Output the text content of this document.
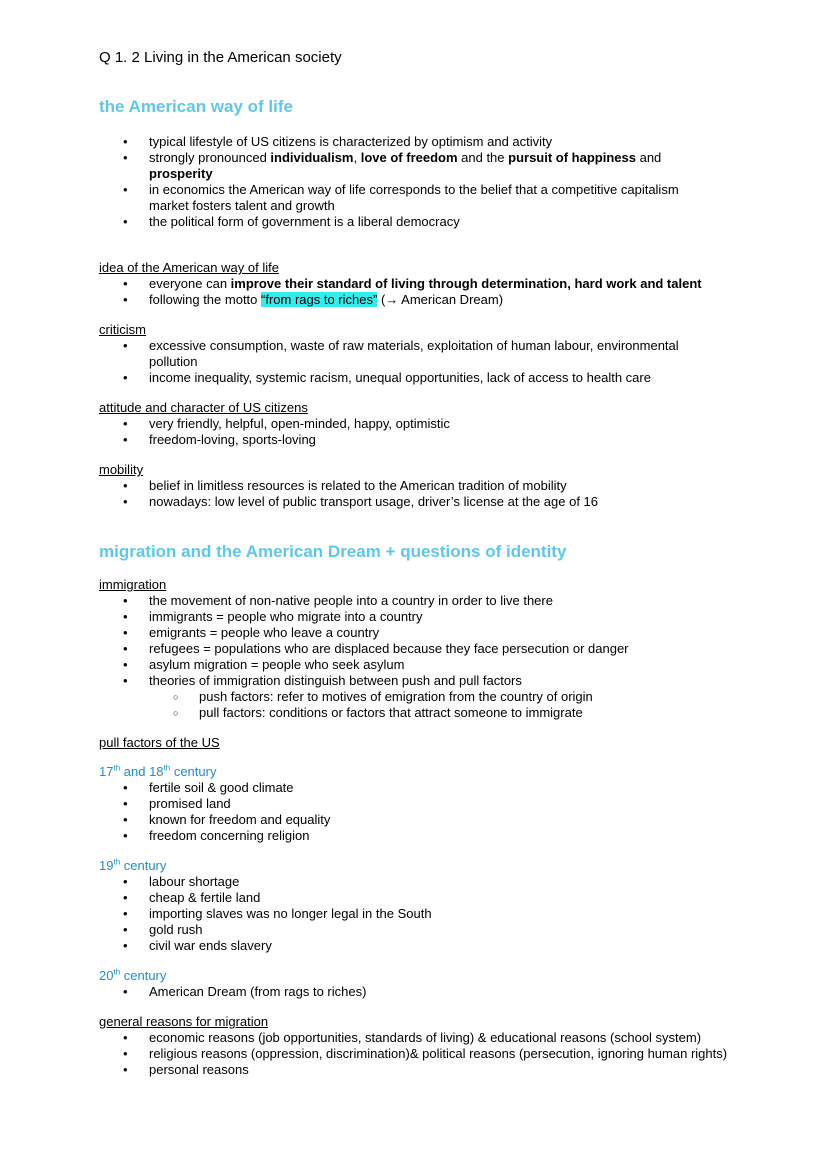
Q 1. 2 Living in the American society
the American way of life
• typical lifestyle of US citizens is characterized by optimism and activity
• strongly pronounced individualism, love of freedom and the pursuit of happiness and
prosperity
• in economics the American way of life corresponds to the belief that a competitive capitalism
market fosters talent and growth
• the political form of government is a liberal democracy
idea of the American way of life
• everyone can improve their standard of living through determination, hard work and talent
• following the motto “from rags to riches” (→ American Dream)
criticism
• excessive consumption, waste of raw materials, exploitation of human labour, environmental
pollution
• income inequality, systemic racism, unequal opportunities, lack of access to health care
attitude and character of US citizens
• very friendly, helpful, open-minded, happy, optimistic
• freedom-loving, sports-loving
mobility
• belief in limitless resources is related to the American tradition of mobility
• nowadays: low level of public transport usage, driver’s license at the age of 16
migration and the American Dream + questions of identity
immigration
• the movement of non-native people into a country in order to live there
• immigrants = people who migrate into a country
• emigrants = people who leave a country
• refugees = populations who are displaced because they face persecution or danger
• asylum migration = people who seek asylum
• theories of immigration distinguish between push and pull factors
○ push factors: refer to motives of emigration from the country of origin
○ pull factors: conditions or factors that attract someone to immigrate
pull factors of the US
17th and 18th century
• fertile soil & good climate
• promised land
• known for freedom and equality
• freedom concerning religion
19th century
• labour shortage
• cheap & fertile land
• importing slaves was no longer legal in the South
• gold rush
• civil war ends slavery
20th century
• American Dream (from rags to riches)
general reasons for migration
• economic reasons (job opportunities, standards of living) & educational reasons (school system)
• religious reasons (oppression, discrimination)& political reasons (persecution, ignoring human rights)
• personal reasons
